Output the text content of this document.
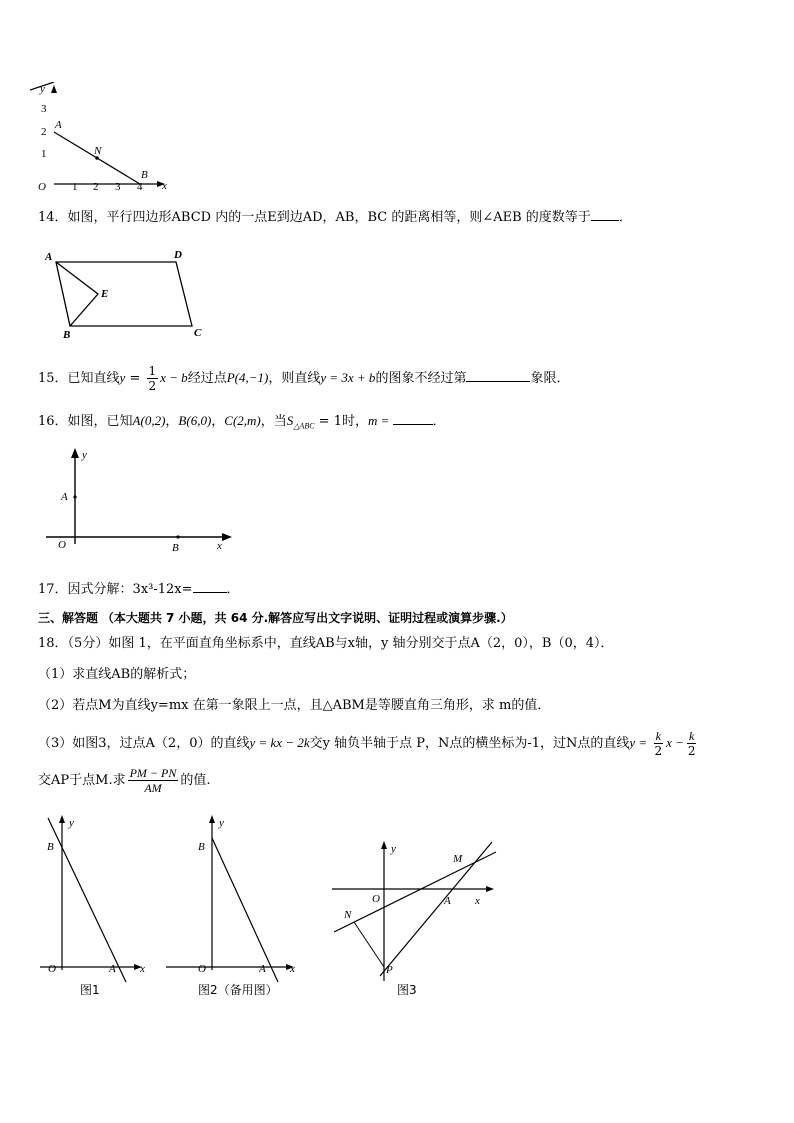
y
x
O
3
2
1
1 2 3 4
A
N
B
14．如图，平行四边形ABCD 内的一点E到边AD，AB，BC 的距离相等，则∠AEB 的度数等于 ．
A	D
E
B	C
15．已知直线$y = \frac{1}{2}$ x − b经过点P(4,−1)，则直线y = 3x + b的图象不经过第	象限．
16．如图，已知A(0,2)，B(6,0)，C(2,m)，当$S_{\triangle ABC} = 1$时，m =	．
y
x
O
A
B
17．因式分解：3x³-12x=	．
三、解答题 （本大题共 7 小题，共 64 分.解答应写出文字说明、证明过程或演算步骤.）
18．（5分）如图 1，在平面直角坐标系中，直线AB与x轴，y 轴分别交于点A（2，0），B（0，4）．
（1）求直线AB的解析式；
（2）若点M为直线y=mx 在第一象限上一点，且△ABM是等腰直角三角形，求 m的值．
（3）如图3，过点A（2，0）的直线y = kx − 2k交y 轴负半轴于点 P，N点的横坐标为-1，过N点的直线$y = \frac{k}{2}$ $x - \frac{k}{2}$
交AP于点M.求 $\frac{PM - PN}{AM}$ 的值.
y
x
O
B
A
图1
y
x
O
B
A
图2（备用图）
y
x
O	A
M
N
P
图3
